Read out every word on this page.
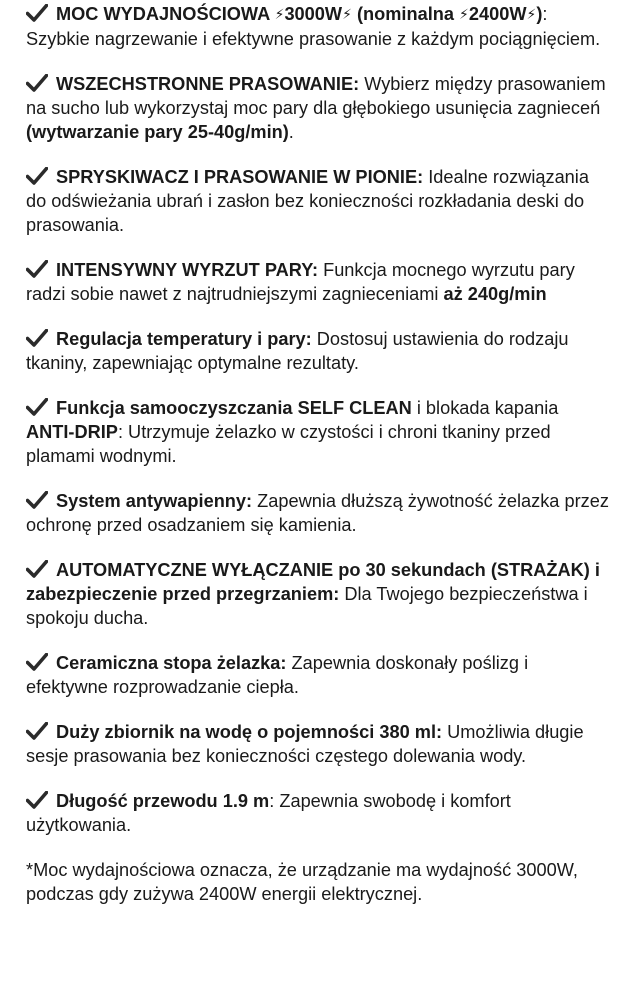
MOC WYDAJNOŚCIOWA ⚡3000W⚡ (nominalna ⚡2400W⚡): Szybkie nagrzewanie i efektywne prasowanie z każdym pociągnięciem.
WSZECHSTRONNE PRASOWANIE: Wybierz między prasowaniem na sucho lub wykorzystaj moc pary dla głębokiego usunięcia zagnieceń (wytwarzanie pary 25-40g/min).
SPRYSKIWACZ I PRASOWANIE W PIONIE: Idealne rozwiązania do odświeżania ubrań i zasłon bez konieczności rozkładania deski do prasowania.
INTENSYWNY WYRZUT PARY: Funkcja mocnego wyrzutu pary radzi sobie nawet z najtrudniejszymi zagnieceniami aż 240g/min
Regulacja temperatury i pary: Dostosuj ustawienia do rodzaju tkaniny, zapewniając optymalne rezultaty.
Funkcja samooczyszczania SELF CLEAN i blokada kapania ANTI-DRIP: Utrzymuje żelazko w czystości i chroni tkaniny przed plamami wodnymi.
System antywapienny: Zapewnia dłuższą żywotność żelazka przez ochronę przed osadzaniem się kamienia.
AUTOMATYCZNE WYŁĄCZANIE po 30 sekundach (STRAŻAK) i zabezpieczenie przed przegrzaniem: Dla Twojego bezpieczeństwa i spokoju ducha.
Ceramiczna stopa żelazka: Zapewnia doskonały poślizg i efektywne rozprowadzanie ciepła.
Duży zbiornik na wodę o pojemności 380 ml: Umożliwia długie sesje prasowania bez konieczności częstego dolewania wody.
Długość przewodu 1.9 m: Zapewnia swobodę i komfort użytkowania.
*Moc wydajnościowa oznacza, że urządzanie ma wydajność 3000W, podczas gdy zużywa 2400W energii elektrycznej.
